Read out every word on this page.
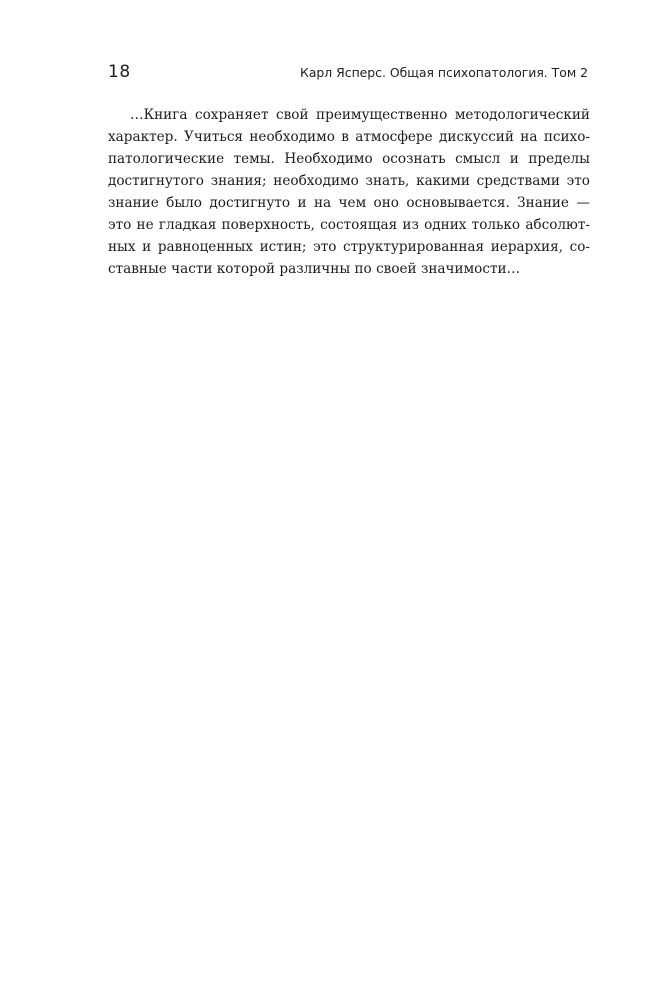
18	Карл Ясперс. Общая психопатология. Том 2
…Книга сохраняет свой преимущественно методологический
характер. Учиться необходимо в атмосфере дискуссий на психо-
патологические темы. Необходимо осознать смысл и пределы
достигнутого знания; необходимо знать, какими средствами это
знание было достигнуто и на чем оно основывается. Знание —
это не гладкая поверхность, состоящая из одних только абсолют-
ных и равноценных истин; это структурированная иерархия, со-
ставные части которой различны по своей значимости…
